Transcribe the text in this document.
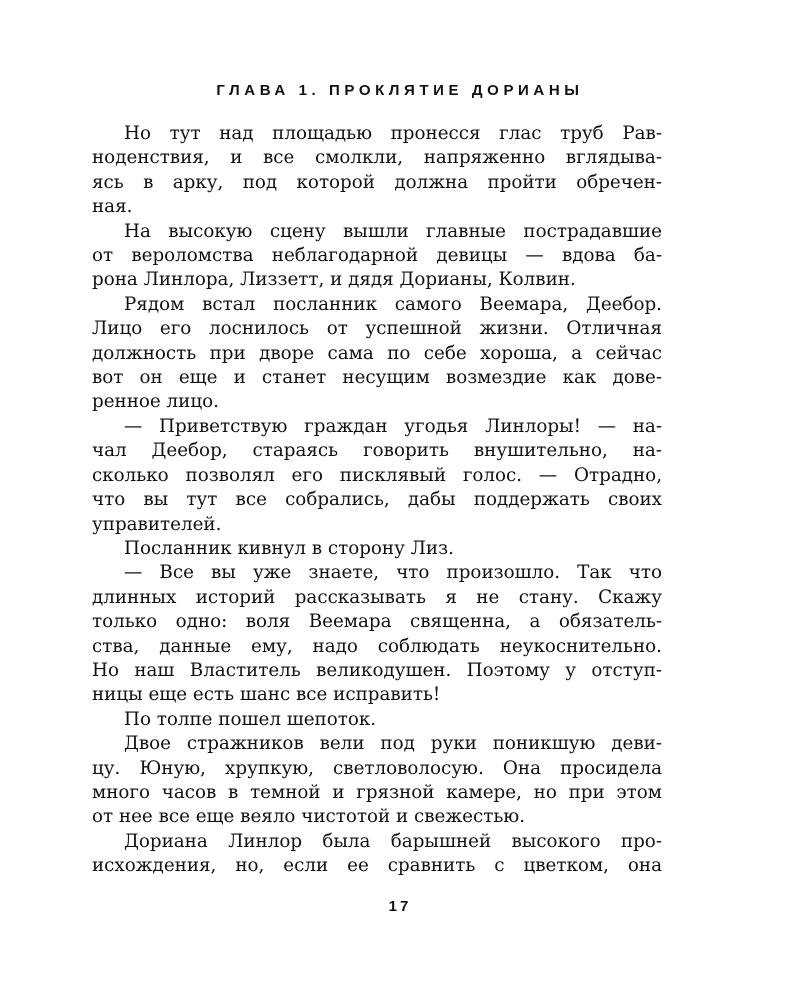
ГЛАВА 1. ПРОКЛЯТИЕ ДОРИАНЫ
Но тут над площадью пронесся глас труб Рав-
ноденствия, и все смолкли, напряженно вглядыва-
ясь в арку, под которой должна пройти обречен-
ная.
На высокую сцену вышли главные пострадавшие
от вероломства неблагодарной девицы — вдова ба-
рона Линлора, Лиззетт, и дядя Дорианы, Колвин.
Рядом встал посланник самого Веемара, Деебор.
Лицо его лоснилось от успешной жизни. Отличная
должность при дворе сама по себе хороша, а сейчас
вот он еще и станет несущим возмездие как дове-
ренное лицо.
— Приветствую граждан угодья Линлоры! — на-
чал Деебор, стараясь говорить внушительно, на-
сколько позволял его писклявый голос. — Отрадно,
что вы тут все собрались, дабы поддержать своих
управителей.
Посланник кивнул в сторону Лиз.
— Все вы уже знаете, что произошло. Так что
длинных историй рассказывать я не стану. Скажу
только одно: воля Веемара священна, а обязатель-
ства, данные ему, надо соблюдать неукоснительно.
Но наш Властитель великодушен. Поэтому у отступ-
ницы еще есть шанс все исправить!
По толпе пошел шепоток.
Двое стражников вели под руки поникшую деви-
цу. Юную, хрупкую, светловолосую. Она просидела
много часов в темной и грязной камере, но при этом
от нее все еще веяло чистотой и свежестью.
Дориана Линлор была барышней высокого про-
исхождения, но, если ее сравнить с цветком, она
17
